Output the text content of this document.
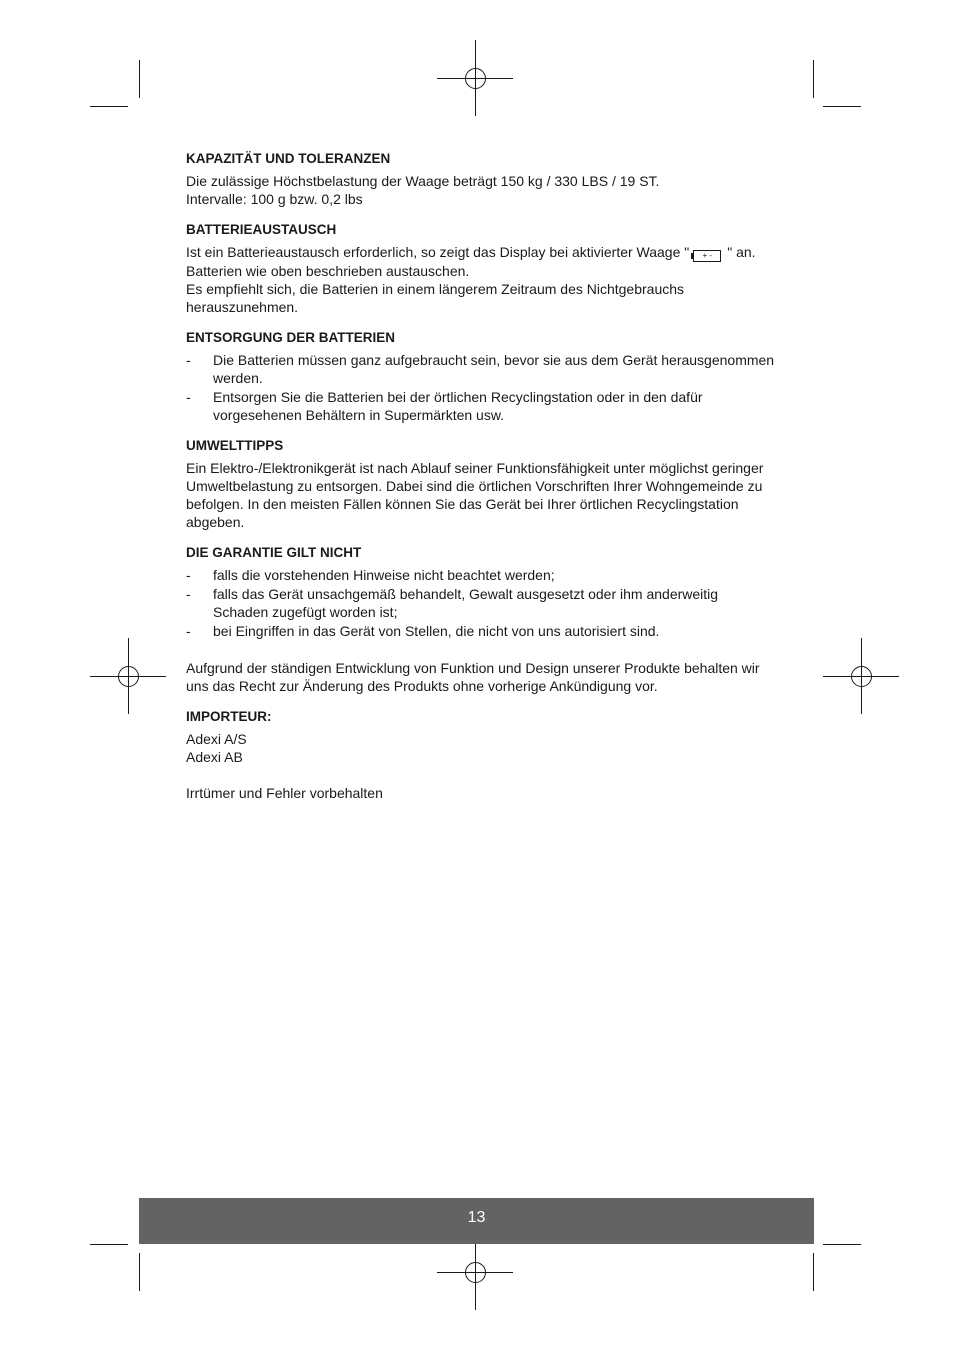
KAPAZITÄT UND TOLERANZEN

Die zulässige Höchstbelastung der Waage beträgt 150 kg / 330 LBS / 19 ST.

Intervalle: 100 g bzw. 0,2 lbs

BATTERIEAUSTAUSCH

Ist ein Batterieaustausch erforderlich, so zeigt das Display bei aktivierter Waage " + - " an.

Batterien wie oben beschrieben austauschen.

Es empfiehlt sich, die Batterien in einem längerem Zeitraum des Nichtgebrauchs herauszunehmen.

ENTSORGUNG DER BATTERIEN
- Die Batterien müssen ganz aufgebraucht sein, bevor sie aus dem Gerät herausgenommen werden.
- Entsorgen Sie die Batterien bei der örtlichen Recyclingstation oder in den dafür vorgesehenen Behältern in Supermärkten usw.
UMWELTTIPPS

Ein Elektro-/Elektronikgerät ist nach Ablauf seiner Funktionsfähigkeit unter möglichst geringer Umweltbelastung zu entsorgen. Dabei sind die örtlichen Vorschriften Ihrer Wohngemeinde zu befolgen. In den meisten Fällen können Sie das Gerät bei Ihrer örtlichen Recyclingstation abgeben.

DIE GARANTIE GILT NICHT
- falls die vorstehenden Hinweise nicht beachtet werden;
- falls das Gerät unsachgemäß behandelt, Gewalt ausgesetzt oder ihm anderweitig Schaden zugefügt worden ist;
- bei Eingriffen in das Gerät von Stellen, die nicht von uns autorisiert sind.

Aufgrund der ständigen Entwicklung von Funktion und Design unserer Produkte behalten wir uns das Recht zur Änderung des Produkts ohne vorherige Ankündigung vor.

IMPORTEUR:

Adexi A/S

Adexi AB

Irrtümer und Fehler vorbehalten

13
